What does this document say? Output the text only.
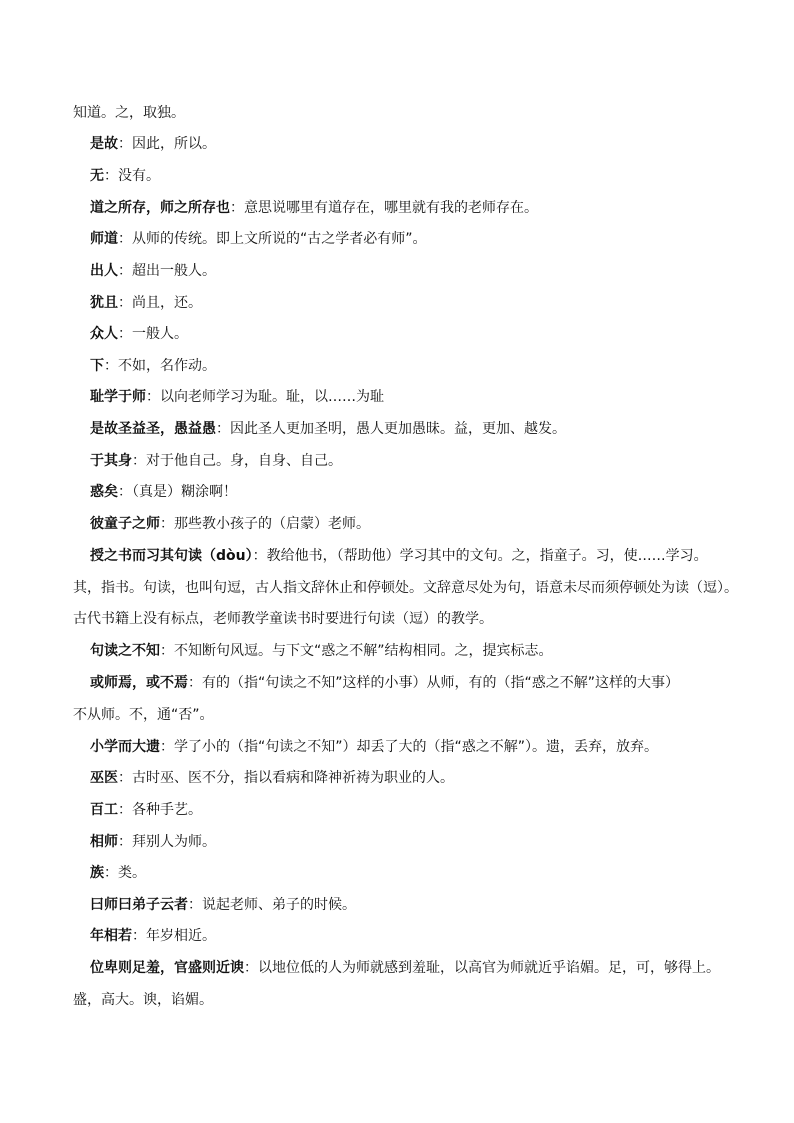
知道。之，取独。
是故：因此，所以。
无：没有。
道之所存，师之所存也：意思说哪里有道存在，哪里就有我的老师存在。
师道：从师的传统。即上文所说的“古之学者必有师”。
出人：超出一般人。
犹且：尚且，还。
众人：一般人。
下：不如，名作动。
耻学于师：以向老师学习为耻。耻，以……为耻
是故圣益圣，愚益愚：因此圣人更加圣明，愚人更加愚昧。益，更加、越发。
于其身：对于他自己。身，自身、自己。
惑矣：（真是）糊涂啊！
彼童子之师：那些教小孩子的（启蒙）老师。
授之书而习其句读（dòu）：教给他书，（帮助他）学习其中的文句。之，指童子。习，使……学习。
其，指书。句读，也叫句逗，古人指文辞休止和停顿处。文辞意尽处为句，语意未尽而须停顿处为读（逗）。
古代书籍上没有标点，老师教学童读书时要进行句读（逗）的教学。
句读之不知：不知断句风逗。与下文“惑之不解”结构相同。之，提宾标志。
或师焉，或不焉：有的（指“句读之不知”这样的小事）从师，有的（指“惑之不解”这样的大事）
不从师。不，通“否”。
小学而大遗：学了小的（指“句读之不知”）却丢了大的（指“惑之不解”）。遗，丢弃，放弃。
巫医：古时巫、医不分，指以看病和降神祈祷为职业的人。
百工：各种手艺。
相师：拜别人为师。
族：类。
曰师曰弟子云者：说起老师、弟子的时候。
年相若：年岁相近。
位卑则足羞，官盛则近谀：以地位低的人为师就感到羞耻，以高官为师就近乎谄媚。足，可，够得上。
盛，高大。谀，谄媚。
